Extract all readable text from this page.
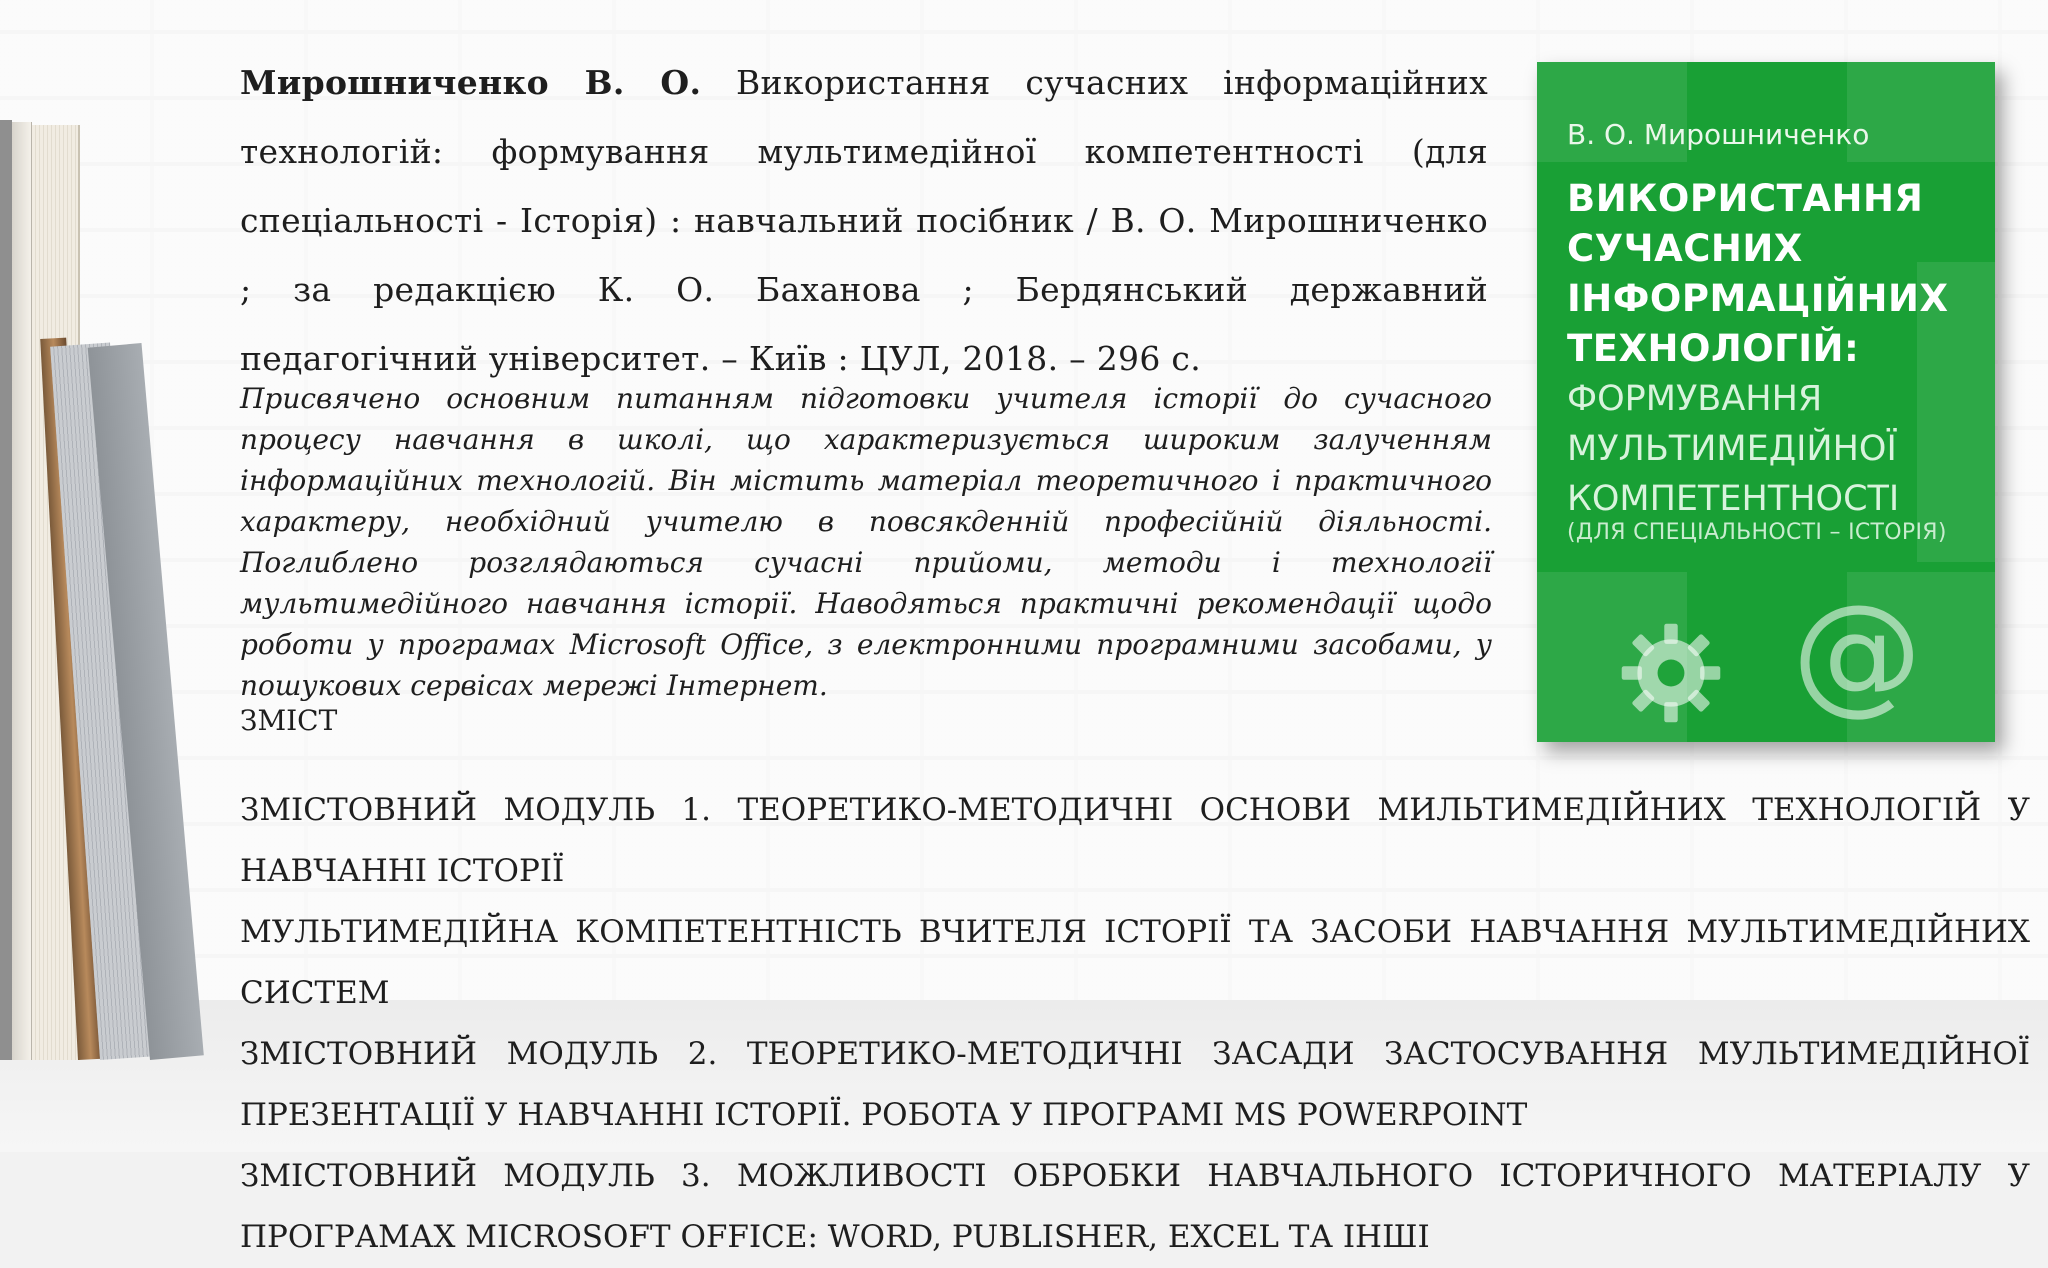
Мирошниченко В. О. Використання сучасних інформаційних технологій: формування мультимедійної компетентності (для спеціальності - Історія) : навчальний посібник / В. О. Мирошниченко ; за редакцією К. О. Баханова ; Бердянський державний педагогічний університет. – Київ : ЦУЛ, 2018. – 296 с.
Присвячено основним питанням підготовки учителя історії до сучасного процесу навчання в школі, що характеризується широким залученням інформаційних технологій. Він містить матеріал теоретичного і практичного характеру, необхідний учителю в повсякденній професійній діяльності. Поглиблено розглядаються сучасні прийоми, методи і технології мультимедійного навчання історії. Наводяться практичні рекомендації щодо роботи у програмах Microsoft Office, з електронними програмними засобами, у пошукових сервісах мережі Інтернет.
ЗМІСТ
ЗМІСТОВНИЙ МОДУЛЬ 1. ТЕОРЕТИКО-МЕТОДИЧНІ ОСНОВИ МИЛЬТИМЕДІЙНИХ ТЕХНОЛОГІЙ У НАВЧАННІ ІСТОРІЇ
МУЛЬТИМЕДІЙНА КОМПЕТЕНТНІСТЬ ВЧИТЕЛЯ ІСТОРІЇ ТА ЗАСОБИ НАВЧАННЯ МУЛЬТИМЕДІЙНИХ СИСТЕМ
ЗМІСТОВНИЙ МОДУЛЬ 2. ТЕОРЕТИКО-МЕТОДИЧНІ ЗАСАДИ ЗАСТОСУВАННЯ МУЛЬТИМЕДІЙНОЇ ПРЕЗЕНТАЦІЇ У НАВЧАННІ ІСТОРІЇ. РОБОТА У ПРОГРАМІ MS POWERPOINT
ЗМІСТОВНИЙ МОДУЛЬ 3. МОЖЛИВОСТІ ОБРОБКИ НАВЧАЛЬНОГО ІСТОРИЧНОГО МАТЕРІАЛУ У ПРОГРАМАХ MICROSOFT OFFICE: WORD, PUBLISHER, EXCEL ТА ІНШІ
В. О. Мирошниченко
ВИКОРИСТАННЯ
СУЧАСНИХ
ІНФОРМАЦІЙНИХ
ТЕХНОЛОГІЙ:
ФОРМУВАННЯ
МУЛЬТИМЕДІЙНОЇ
КОМПЕТЕНТНОСТІ
(ДЛЯ СПЕЦІАЛЬНОСТІ – ІСТОРІЯ)
@
